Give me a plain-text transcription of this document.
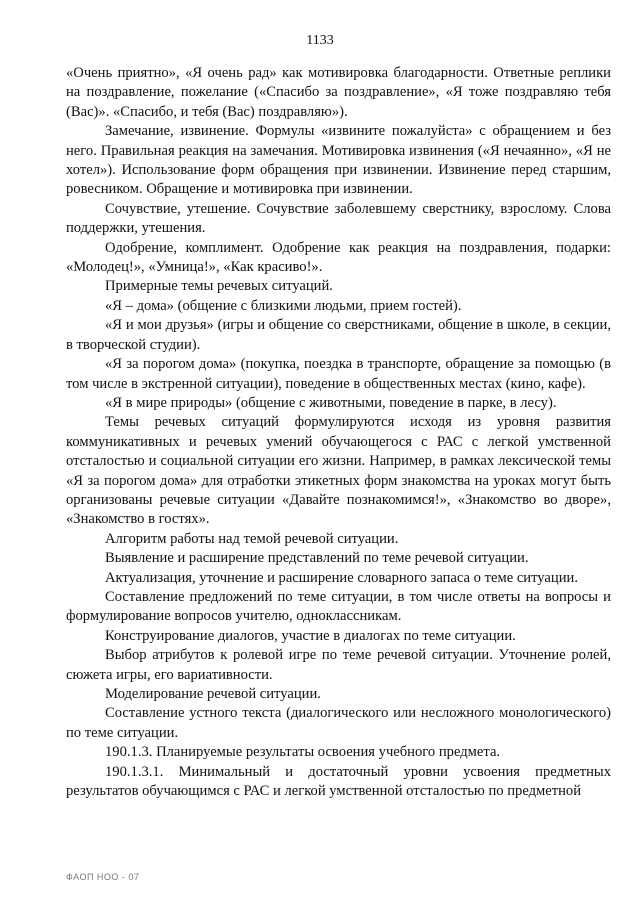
1133

«Очень приятно», «Я очень рад» как мотивировка благодарности. Ответные реплики на поздравление, пожелание («Спасибо за поздравление», «Я тоже поздравляю тебя (Вас)». «Спасибо, и тебя (Вас) поздравляю»).

Замечание, извинение. Формулы «извините пожалуйста» с обращением и без него. Правильная реакция на замечания. Мотивировка извинения («Я нечаянно», «Я не хотел»). Использование форм обращения при извинении. Извинение перед старшим, ровесником. Обращение и мотивировка при извинении.

Сочувствие, утешение. Сочувствие заболевшему сверстнику, взрослому. Слова поддержки, утешения.

Одобрение, комплимент. Одобрение как реакция на поздравления, подарки: «Молодец!», «Умница!», «Как красиво!».

Примерные темы речевых ситуаций.

«Я – дома» (общение с близкими людьми, прием гостей).

«Я и мои друзья» (игры и общение со сверстниками, общение в школе, в секции, в творческой студии).

«Я за порогом дома» (покупка, поездка в транспорте, обращение за помощью (в том числе в экстренной ситуации), поведение в общественных местах (кино, кафе).

«Я в мире природы» (общение с животными, поведение в парке, в лесу).

Темы речевых ситуаций формулируются исходя из уровня развития коммуникативных и речевых умений обучающегося с РАС с легкой умственной отсталостью и социальной ситуации его жизни. Например, в рамках лексической темы «Я за порогом дома» для отработки этикетных форм знакомства на уроках могут быть организованы речевые ситуации «Давайте познакомимся!», «Знакомство во дворе», «Знакомство в гостях».

Алгоритм работы над темой речевой ситуации.

Выявление и расширение представлений по теме речевой ситуации.

Актуализация, уточнение и расширение словарного запаса о теме ситуации.

Составление предложений по теме ситуации, в том числе ответы на вопросы и формулирование вопросов учителю, одноклассникам.

Конструирование диалогов, участие в диалогах по теме ситуации.

Выбор атрибутов к ролевой игре по теме речевой ситуации. Уточнение ролей, сюжета игры, его вариативности.

Моделирование речевой ситуации.

Составление устного текста (диалогического или несложного монологического) по теме ситуации.

190.1.3. Планируемые результаты освоения учебного предмета.

190.1.3.1. Минимальный и достаточный уровни усвоения предметных результатов обучающимся с РАС и легкой умственной отсталостью по предметной

ФАОП НОО - 07
